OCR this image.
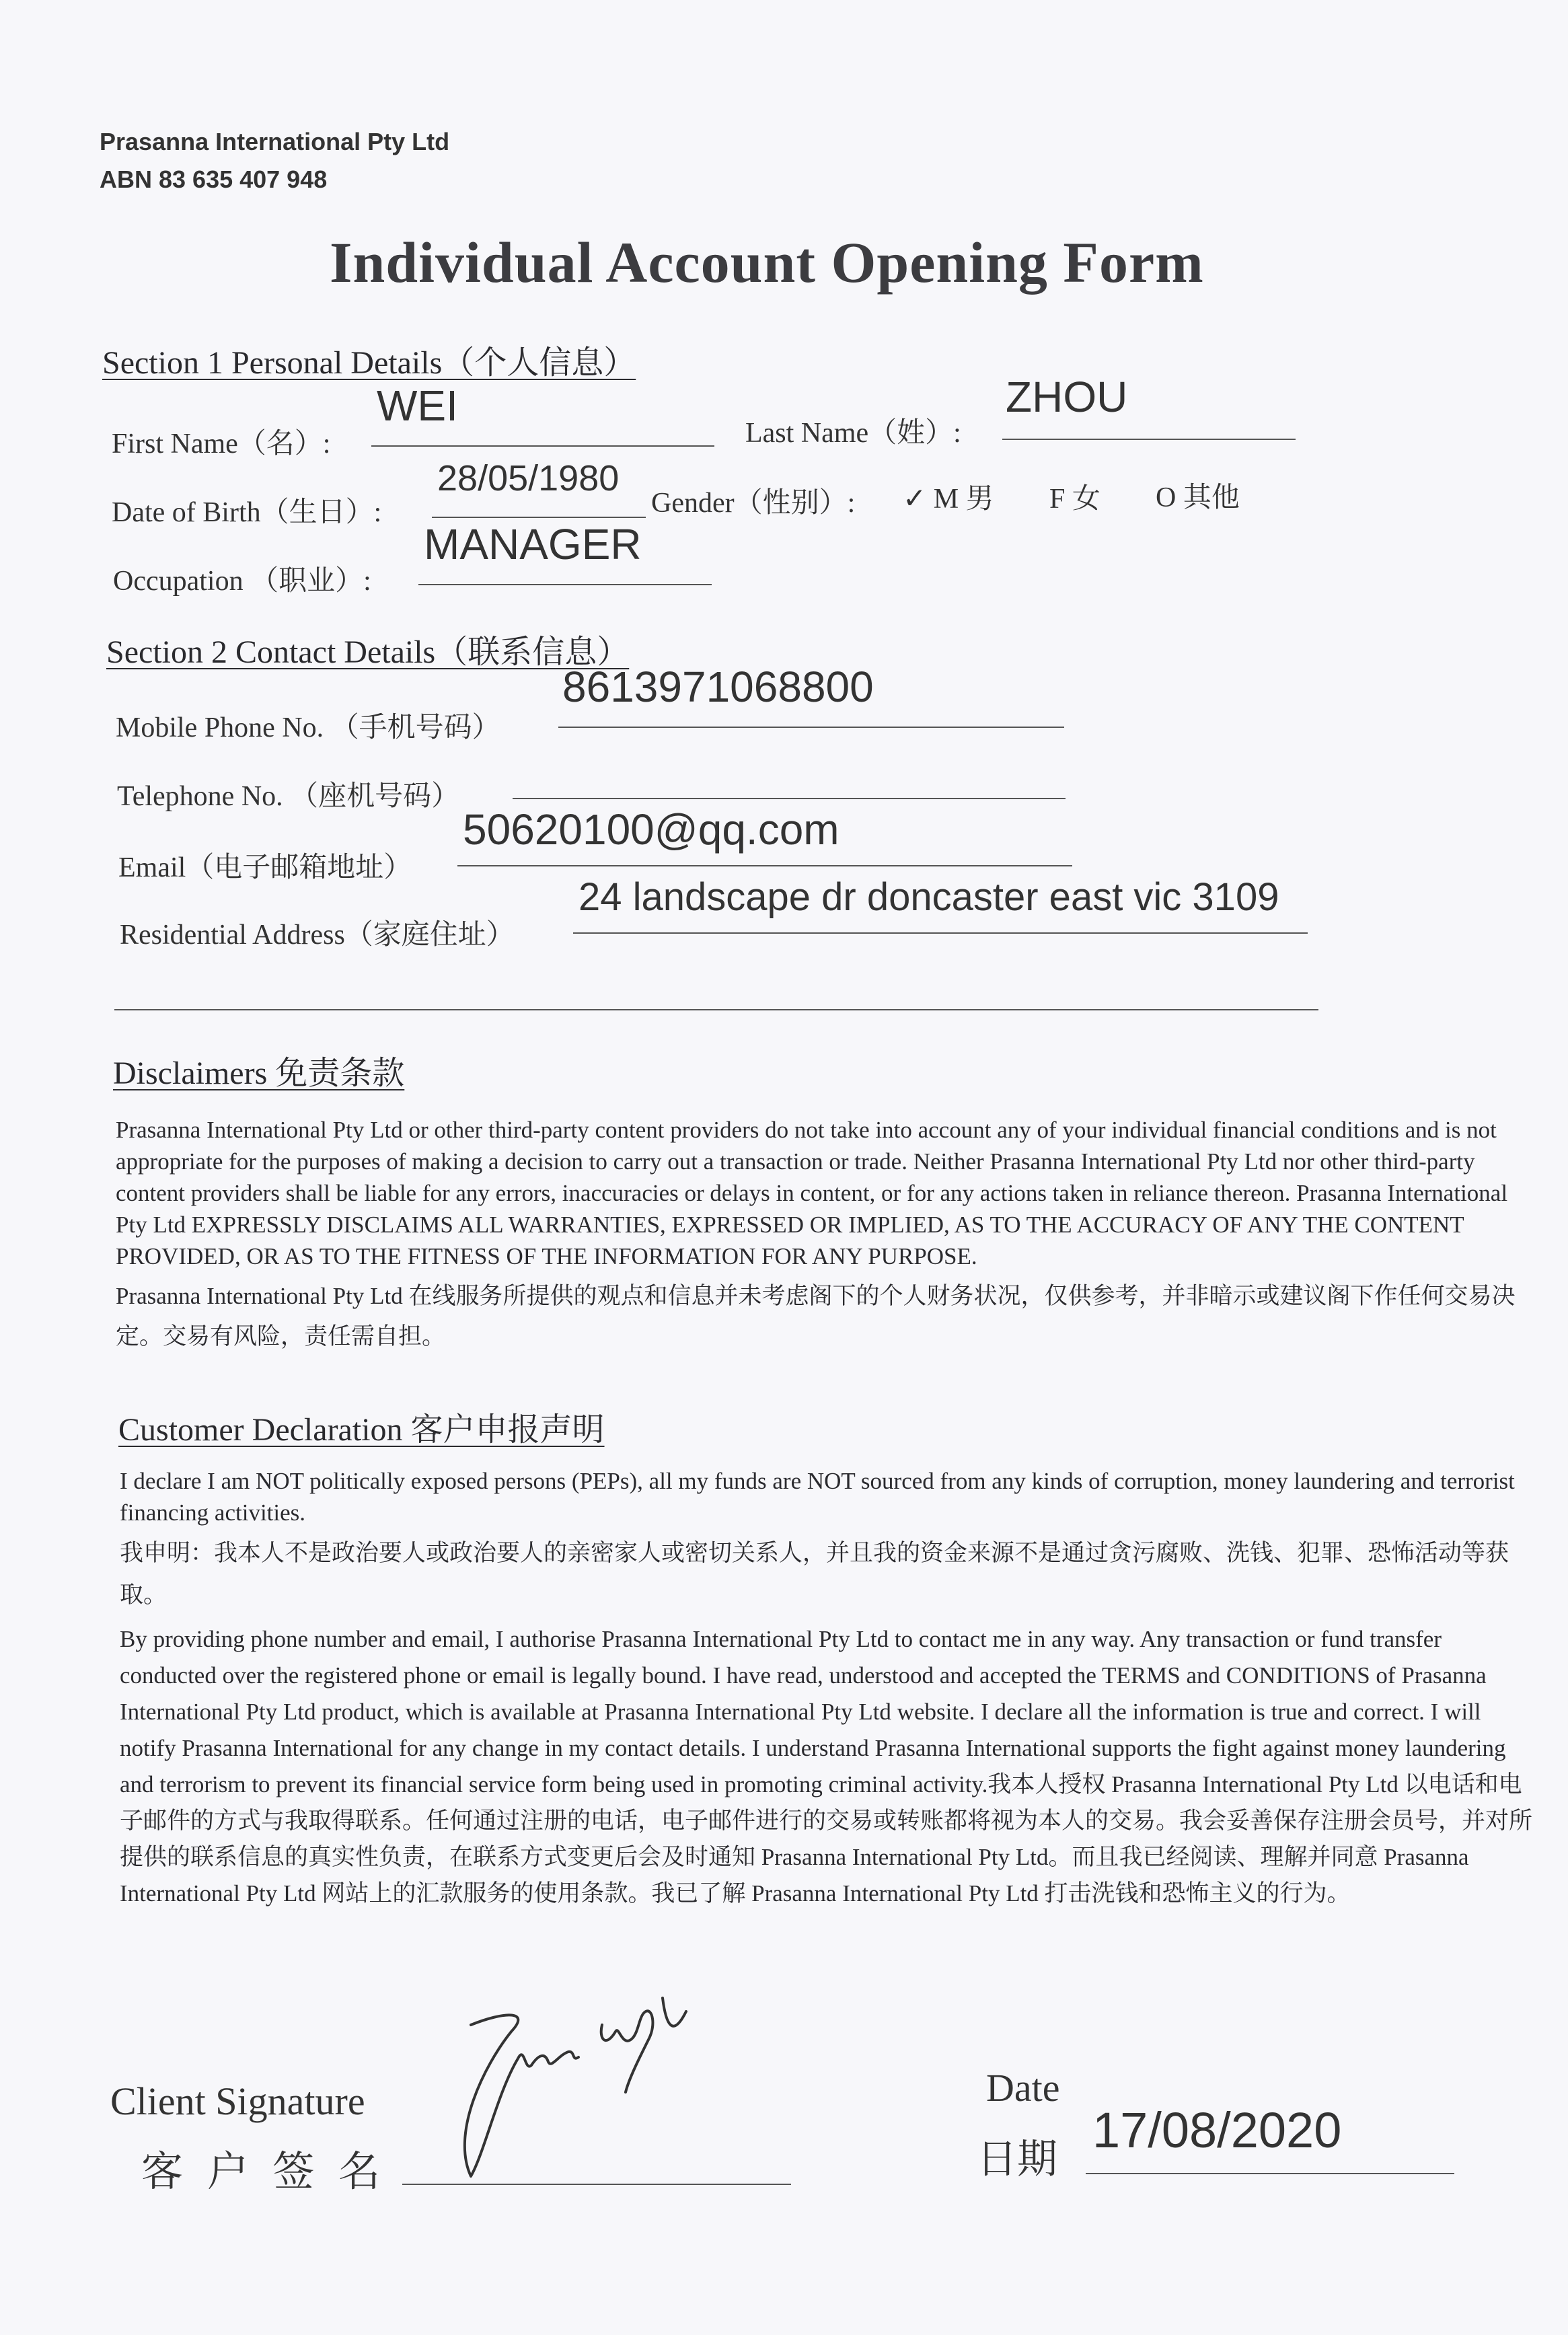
Prasanna International Pty Ltd
ABN 83 635 407 948
Individual Account Opening Form
Section 1 Personal Details（个人信息）
First Name（名）:
WEI
Last Name（姓）:
ZHOU
Date of Birth（生日）:
28/05/1980
Gender（性别）: ✓ M 男 F 女 O 其他
Occupation （职业）:
MANAGER
Section 2 Contact Details（联系信息）
Mobile Phone No. （手机号码）
8613971068800
Telephone No. （座机号码）
Email（电子邮箱地址）
50620100@qq.com
Residential Address（家庭住址）
24 landscape dr doncaster east vic 3109
Disclaimers 免责条款

Prasanna International Pty Ltd or other third-party content providers do not take into account any of your individual financial conditions and is not appropriate for the purposes of making a decision to carry out a transaction or trade. Neither Prasanna International Pty Ltd nor other third-party content providers shall be liable for any errors, inaccuracies or delays in content, or for any actions taken in reliance thereon. Prasanna International Pty Ltd EXPRESSLY DISCLAIMS ALL WARRANTIES, EXPRESSED OR IMPLIED, AS TO THE ACCURACY OF ANY THE CONTENT PROVIDED, OR AS TO THE FITNESS OF THE INFORMATION FOR ANY PURPOSE.

Prasanna International Pty Ltd 在线服务所提供的观点和信息并未考虑阁下的个人财务状况，仅供参考，并非暗示或建议阁下作任何交易决定。交易有风险，责任需自担。

Customer Declaration 客户申报声明

I declare I am NOT politically exposed persons (PEPs), all my funds are NOT sourced from any kinds of corruption, money laundering and terrorist financing activities.

我申明：我本人不是政治要人或政治要人的亲密家人或密切关系人，并且我的资金来源不是通过贪污腐败、洗钱、犯罪、恐怖活动等获取。

By providing phone number and email, I authorise Prasanna International Pty Ltd to contact me in any way. Any transaction or fund transfer conducted over the registered phone or email is legally bound. I have read, understood and accepted the TERMS and CONDITIONS of Prasanna International Pty Ltd product, which is available at Prasanna International Pty Ltd website. I declare all the information is true and correct. I will notify Prasanna International for any change in my contact details. I understand Prasanna International supports the fight against money laundering and terrorism to prevent its financial service form being used in promoting criminal activity.我本人授权 Prasanna International Pty Ltd 以电话和电子邮件的方式与我取得联系。任何通过注册的电话，电子邮件进行的交易或转账都将视为本人的交易。我会妥善保存注册会员号，并对所提供的联系信息的真实性负责，在联系方式变更后会及时通知 Prasanna International Pty Ltd。而且我已经阅读、理解并同意 Prasanna International Pty Ltd 网站上的汇款服务的使用条款。我已了解 Prasanna International Pty Ltd 打击洗钱和恐怖主义的行为。

Client Signature
客 户 签 名
Date
日期
17/08/2020
